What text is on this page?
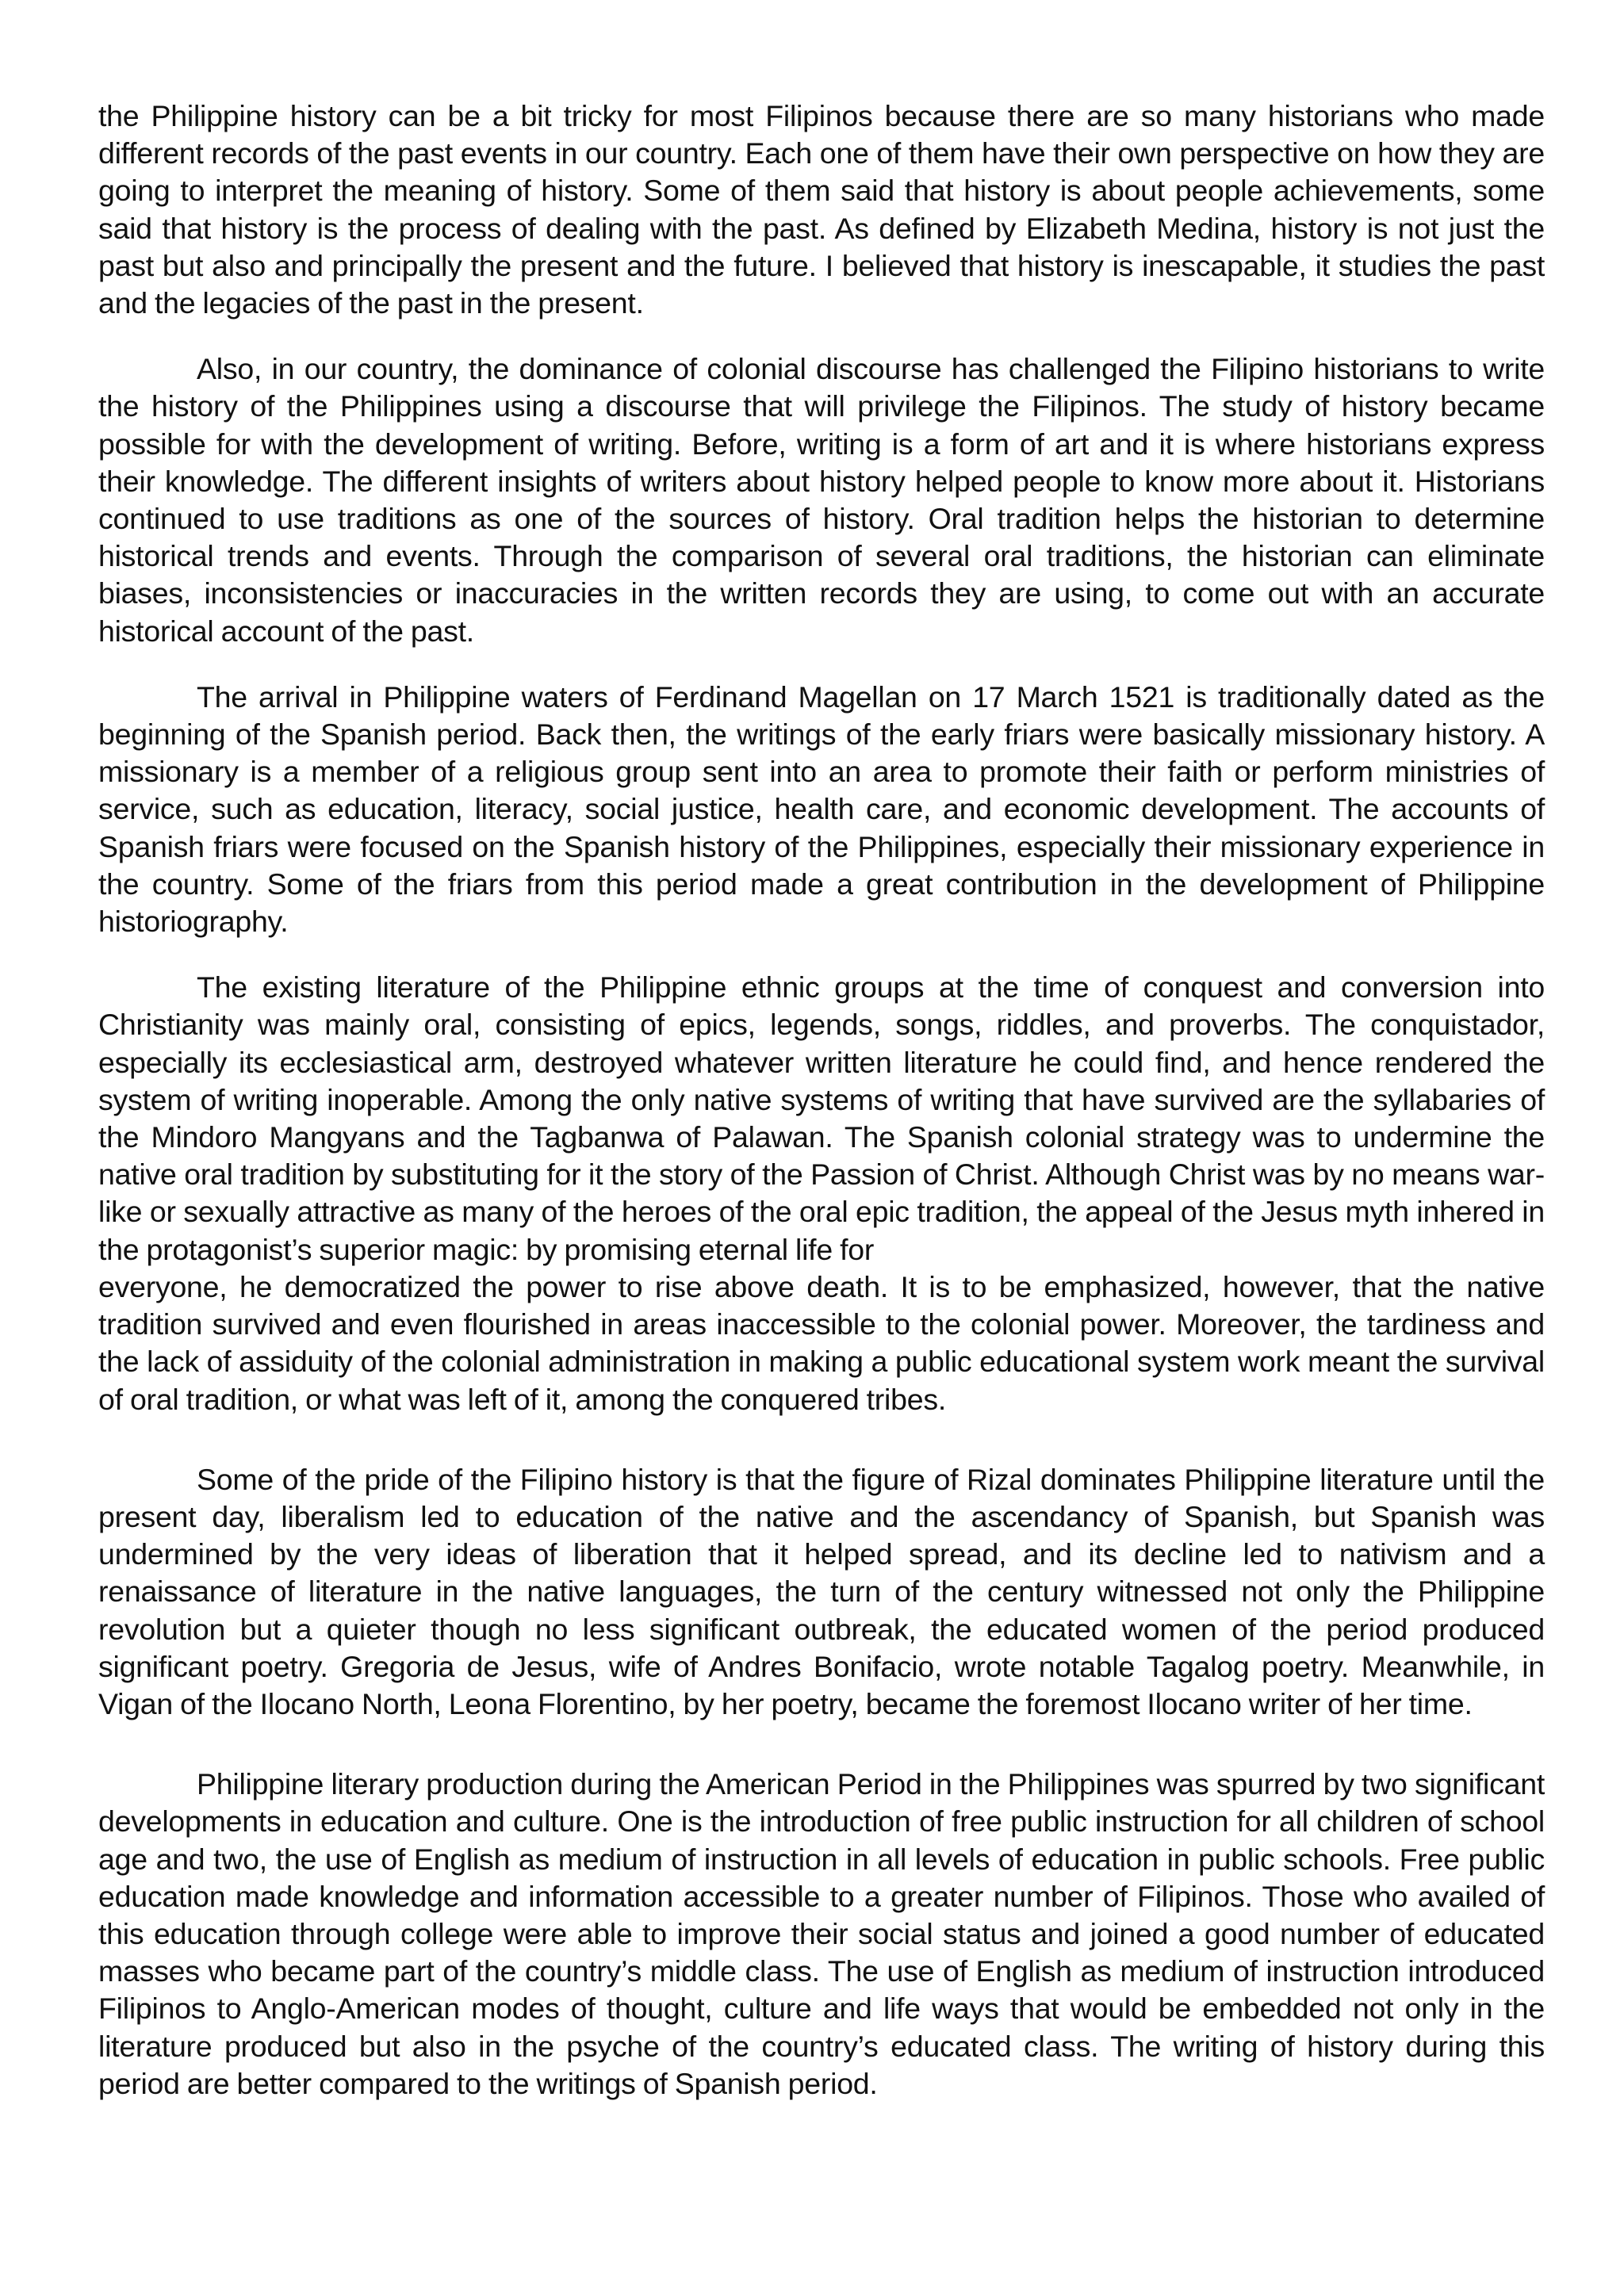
the Philippine history can be a bit tricky for most Filipinos because there are so many historians who made different records of the past events in our country. Each one of them have their own perspective on how they are going to interpret the meaning of history. Some of them said that history is about people achievements, some said that history is the process of dealing with the past. As defined by Elizabeth Medina, history is not just the past but also and principally the present and the future. I believed that history is inescapable, it studies the past and the legacies of the past in the present.

Also, in our country, the dominance of colonial discourse has challenged the Filipino historians to write the history of the Philippines using a discourse that will privilege the Filipinos. The study of history became possible for with the development of writing. Before, writing is a form of art and it is where historians express their knowledge. The different insights of writers about history helped people to know more about it. Historians continued to use traditions as one of the sources of history. Oral tradition helps the historian to determine historical trends and events. Through the comparison of several oral traditions, the historian can eliminate biases, inconsistencies or inaccuracies in the written records they are using, to come out with an accurate historical account of the past.

The arrival in Philippine waters of Ferdinand Magellan on 17 March 1521 is traditionally dated as the beginning of the Spanish period. Back then, the writings of the early friars were basically missionary history. A missionary is a member of a religious group sent into an area to promote their faith or perform ministries of service, such as education, literacy, social justice, health care, and economic development. The accounts of Spanish friars were focused on the Spanish history of the Philippines, especially their missionary experience in the country. Some of the friars from this period made a great contribution in the development of Philippine historiography.

The existing literature of the Philippine ethnic groups at the time of conquest and conversion into Christianity was mainly oral, consisting of epics, legends, songs, riddles, and proverbs. The conquistador, especially its ecclesiastical arm, destroyed whatever written literature he could find, and hence rendered the system of writing inoperable. Among the only native systems of writing that have survived are the syllabaries of the Mindoro Mangyans and the Tagbanwa of Palawan. The Spanish colonial strategy was to undermine the native oral tradition by substituting for it the story of the Passion of Christ. Although Christ was by no means war-like or sexually attractive as many of the heroes of the oral epic tradition, the appeal of the Jesus myth inhered in the protagonist’s superior magic: by promising eternal life for

everyone, he democratized the power to rise above death. It is to be emphasized, however, that the native tradition survived and even flourished in areas inaccessible to the colonial power. Moreover, the tardiness and the lack of assiduity of the colonial administration in making a public educational system work meant the survival of oral tradition, or what was left of it, among the conquered tribes.

Some of the pride of the Filipino history is that the figure of Rizal dominates Philippine literature until the present day, liberalism led to education of the native and the ascendancy of Spanish, but Spanish was undermined by the very ideas of liberation that it helped spread, and its decline led to nativism and a renaissance of literature in the native languages, the turn of the century witnessed not only the Philippine revolution but a quieter though no less significant outbreak, the educated women of the period produced significant poetry. Gregoria de Jesus, wife of Andres Bonifacio, wrote notable Tagalog poetry. Meanwhile, in Vigan of the Ilocano North, Leona Florentino, by her poetry, became the foremost Ilocano writer of her time.

Philippine literary production during the American Period in the Philippines was spurred by two significant developments in education and culture. One is the introduction of free public instruction for all children of school age and two, the use of English as medium of instruction in all levels of education in public schools. Free public education made knowledge and information accessible to a greater number of Filipinos. Those who availed of this education through college were able to improve their social status and joined a good number of educated masses who became part of the country’s middle class. The use of English as medium of instruction introduced Filipinos to Anglo-American modes of thought, culture and life ways that would be embedded not only in the literature produced but also in the psyche of the country’s educated class. The writing of history during this period are better compared to the writings of Spanish period.
